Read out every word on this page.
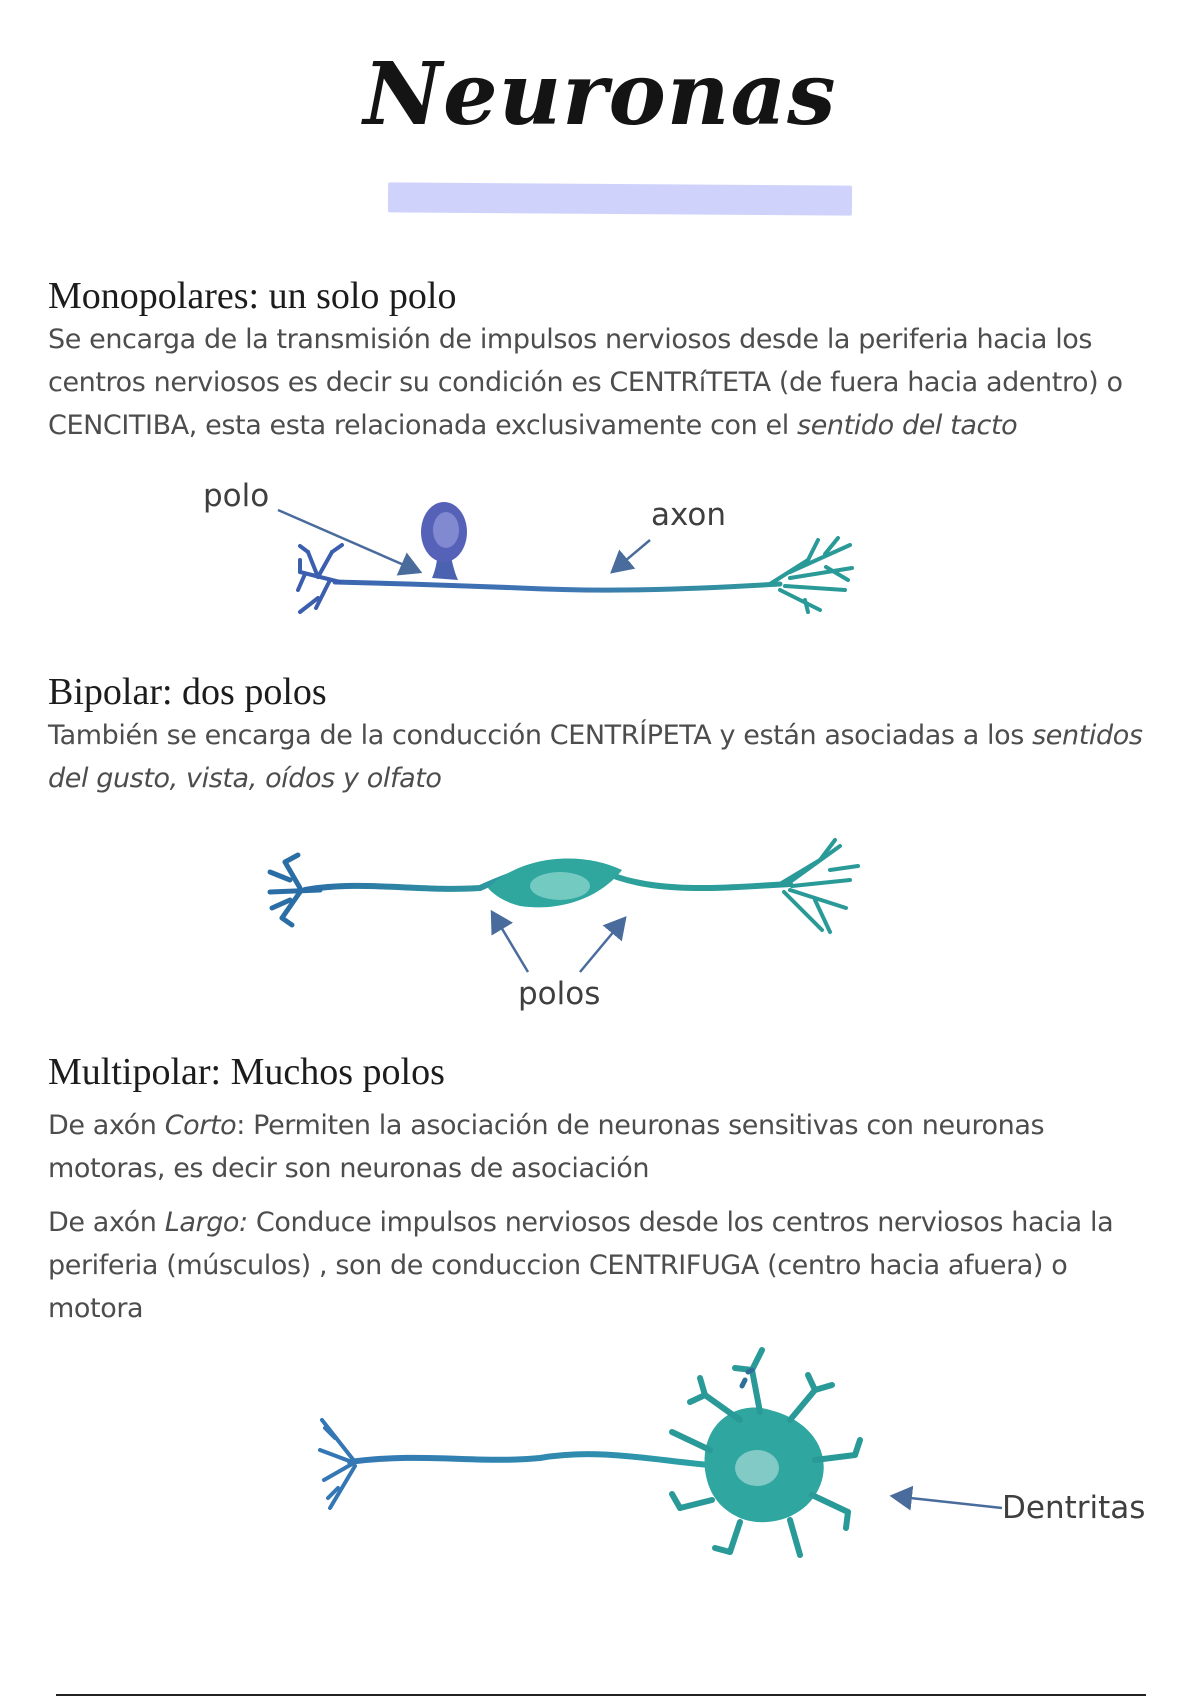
Neuronas
Monopolares: un solo polo
Se encarga de la transmisión de impulsos nerviosos desde la periferia hacia los centros nerviosos es decir su condición es CENTRíTETA (de fuera hacia adentro) o CENCITIBA, esta esta relacionada exclusivamente con el sentido del tacto
polo
axon
Bipolar: dos polos
También se encarga de la conducción CENTRÍPETA y están asociadas a los sentidos del gusto, vista, oídos y olfato
polos
Multipolar: Muchos polos
De axón Corto: Permiten la asociación de neuronas sensitivas con neuronas motoras, es decir son neuronas de asociación
De axón Largo: Conduce impulsos nerviosos desde los centros nerviosos hacia la periferia (músculos) , son de conduccion CENTRIFUGA (centro hacia afuera) o motora
Dentritas
